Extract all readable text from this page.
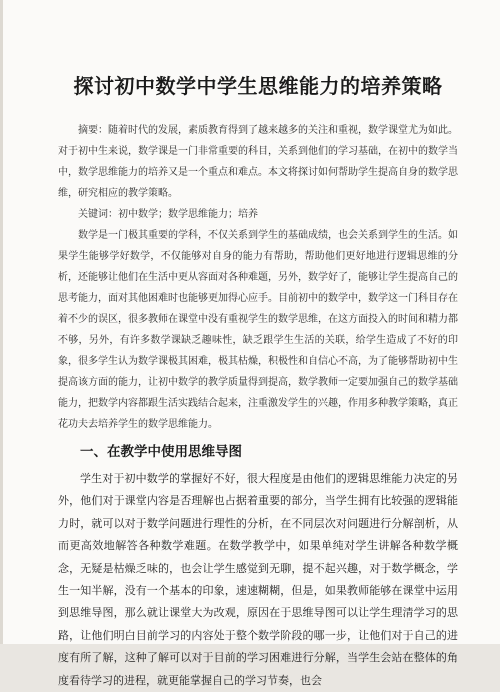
探讨初中数学中学生思维能力的培养策略

摘要：随着时代的发展，素质教育得到了越来越多的关注和重视，数学课堂尤为如此。对于初中生来说，数学课是一门非常重要的科目，关系到他们的学习基础，在初中的数学当中，数学思维能力的培养又是一个重点和难点。本文将探讨如何帮助学生提高自身的数学思维，研究相应的教学策略。

关键词：初中数学；数学思维能力；培养

数学是一门极其重要的学科，不仅关系到学生的基础成绩，也会关系到学生的生活。如果学生能够学好数学，不仅能够对自身的能力有帮助，帮助他们更好地进行逻辑思维的分析，还能够让他们在生活中更从容面对各种难题，另外，数学好了，能够让学生提高自己的思考能力，面对其他困难时也能够更加得心应手。目前初中的数学中，数学这一门科目存在着不少的误区，很多教师在课堂中没有重视学生的数学思维，在这方面投入的时间和精力都不够，另外，有许多数学课缺乏趣味性，缺乏跟学生生活的关联，给学生造成了不好的印象，很多学生认为数学课极其困难，极其枯燥，积极性和自信心不高，为了能够帮助初中生提高该方面的能力，让初中数学的教学质量得到提高，数学教师一定要加强自己的数学基础能力，把数学内容都跟生活实践结合起来，注重激发学生的兴趣，作用多种教学策略，真正花功夫去培养学生的数学思维能力。

一、在教学中使用思维导图

学生对于初中数学的掌握好不好，很大程度是由他们的逻辑思维能力决定的另外，他们对于课堂内容是否理解也占据着重要的部分，当学生拥有比较强的逻辑能力时，就可以对于数学问题进行理性的分析，在不同层次对问题进行分解剖析，从而更高效地解答各种数学难题。在数学教学中，如果单纯对学生讲解各种数学概念，无疑是枯燥乏味的，也会让学生感觉到无聊，提不起兴趣，对于数学概念，学生一知半解，没有一个基本的印象，速速糊糊，但是，如果教师能够在课堂中运用到思维导图，那么就让课堂大为改观，原因在于思维导图可以让学生理清学习的思路，让他们明白目前学习的内容处于整个数学阶段的哪一步，让他们对于自己的进度有所了解，这种了解可以对于目前的学习困难进行分解，当学生会站在整体的角度看待学习的进程，就更能掌握自己的学习节奏，也会
